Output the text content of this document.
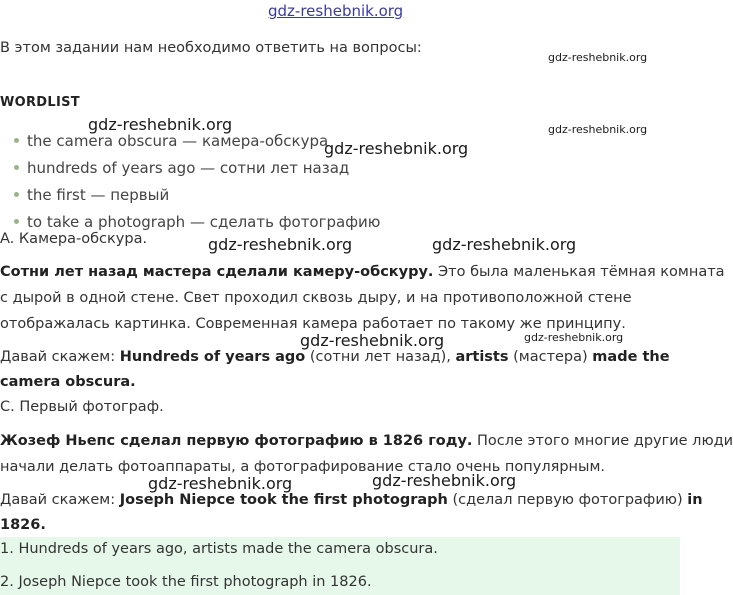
gdz-reshebnik.org
gdz-reshebnik.org
gdz-reshebnik.org	gdz-reshebnik.org
gdz-reshebnik.org
gdz-reshebnik.org	gdz-reshebnik.org
gdz-reshebnik.org
gdz-reshebnik.org
gdz-reshebnik.org
gdz-reshebnik.org
В этом задании нам необходимо ответить на вопросы:
WORDLIST
the camera obscura — камера-обскура
hundreds of years ago — сотни лет назад
the first — первый
to take a photograph — сделать фотографию
A. Камера-обскура.
Сотни лет назад мастера сделали камеру-обскуру. Это была маленькая тёмная комната
с дырой в одной стене. Свет проходил сквозь дыру, и на противоположной стене
отображалась картинка. Современная камера работает по такому же принципу.
Давай скажем: Hundreds of years ago (сотни лет назад), artists (мастера) made the
camera obscura.
C. Первый фотограф.
Жозеф Ньепс сделал первую фотографию в 1826 году. После этого многие другие люди
начали делать фотоаппараты, а фотографирование стало очень популярным.
Давай скажем: Joseph Niepce took the first photograph (сделал первую фотографию) in
1826.
1. Hundreds of years ago, artists made the camera obscura.
2. Joseph Niepce took the first photograph in 1826.
